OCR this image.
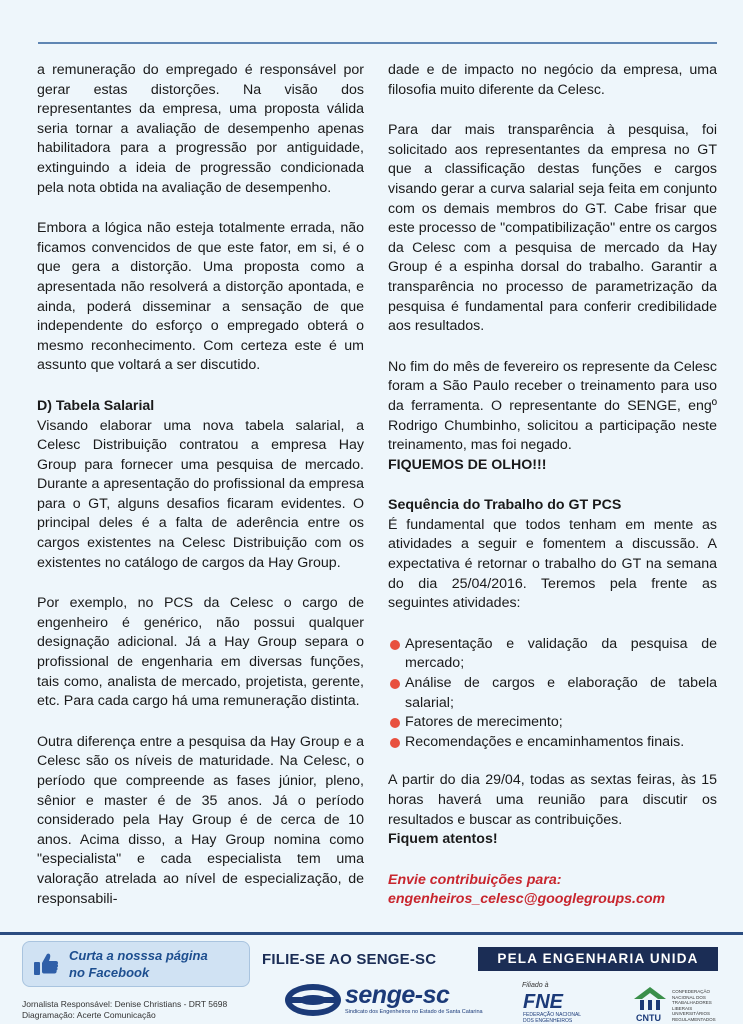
a remuneração do empregado é responsável por gerar estas distorções. Na visão dos representantes da empresa, uma proposta válida seria tornar a avaliação de desempenho apenas habilitadora para a progressão por antiguidade, extinguindo a ideia de progressão condicionada pela nota obtida na avaliação de desempenho.

Embora a lógica não esteja totalmente errada, não ficamos convencidos de que este fator, em si, é o que gera a distorção. Uma proposta como a apresentada não resolverá a distorção apontada, e ainda, poderá disseminar a sensação de que independente do esforço o empregado obterá o mesmo reconhecimento. Com certeza este é um assunto que voltará a ser discutido.

D) Tabela Salarial

Visando elaborar uma nova tabela salarial, a Celesc Distribuição contratou a empresa Hay Group para fornecer uma pesquisa de mercado. Durante a apresentação do profissional da empresa para o GT, alguns desafios ficaram evidentes. O principal deles é a falta de aderência entre os cargos existentes na Celesc Distribuição com os existentes no catálogo de cargos da Hay Group.

Por exemplo, no PCS da Celesc o cargo de engenheiro é genérico, não possui qualquer designação adicional. Já a Hay Group separa o profissional de engenharia em diversas funções, tais como, analista de mercado, projetista, gerente, etc. Para cada cargo há uma remuneração distinta.

Outra diferença entre a pesquisa da Hay Group e a Celesc são os níveis de maturidade. Na Celesc, o período que compreende as fases júnior, pleno, sênior e master é de 35 anos. Já o período considerado pela Hay Group é de cerca de 10 anos. Acima disso, a Hay Group nomina como "especialista" e cada especialista tem uma valoração atrelada ao nível de especialização, de responsabili-

dade e de impacto no negócio da empresa, uma filosofia muito diferente da Celesc.

Para dar mais transparência à pesquisa, foi solicitado aos representantes da empresa no GT que a classificação destas funções e cargos visando gerar a curva salarial seja feita em conjunto com os demais membros do GT. Cabe frisar que este processo de "compatibilização" entre os cargos da Celesc com a pesquisa de mercado da Hay Group é a espinha dorsal do trabalho. Garantir a transparência no processo de parametrização da pesquisa é fundamental para conferir credibilidade aos resultados.

No fim do mês de fevereiro os represente da Celesc foram a São Paulo receber o treinamento para uso da ferramenta. O representante do SENGE, engº Rodrigo Chumbinho, solicitou a participação neste treinamento, mas foi negado.

FIQUEMOS DE OLHO!!!

Sequência do Trabalho do GT PCS

É fundamental que todos tenham em mente as atividades a seguir e fomentem a discussão. A expectativa é retornar o trabalho do GT na semana do dia 25/04/2016. Teremos pela frente as seguintes atividades:

Apresentação e validação da pesquisa de mercado;
Análise de cargos e elaboração de tabela salarial;
Fatores de merecimento;
Recomendações e encaminhamentos finais.

A partir do dia 29/04, todas as sextas feiras, às 15 horas haverá uma reunião para discutir os resultados e buscar as contribuições.

Fiquem atentos!

Envie contribuições para:
engenheiros_celesc@googlegroups.com
Curta a nosssa página
no Facebook
FILIE-SE AO SENGE-SC	PELA ENGENHARIA UNIDA
Jornalista Responsável: Denise Christians - DRT 5698
Diagramação: Acerte Comunicação
senge-sc
Sindicato dos Engenheiros no Estado de Santa Catarina
Filiado à
FNE
FEDERAÇÃO NACIONAL
DOS ENGENHEIROS	CNTU
CONFEDERAÇÃO NACIONAL DOS TRABALHADORES LIBERAIS UNIVERSITÁRIOS REGULAMENTADOS
